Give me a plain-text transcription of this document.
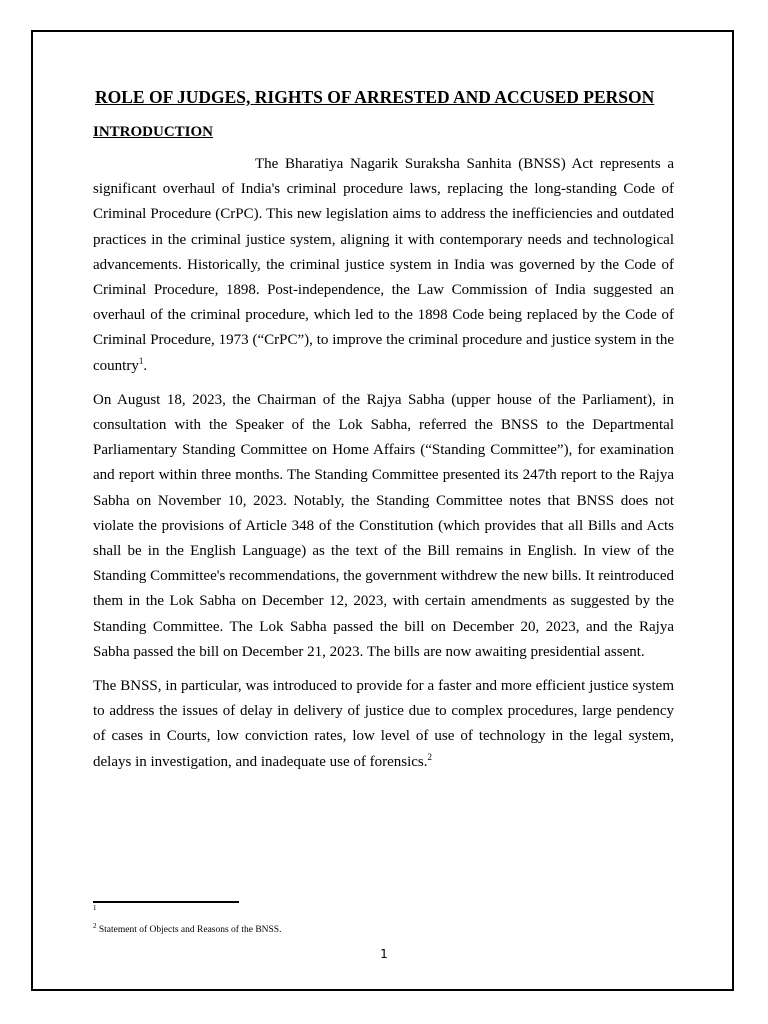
ROLE OF JUDGES, RIGHTS OF ARRESTED AND ACCUSED PERSON
INTRODUCTION

The Bharatiya Nagarik Suraksha Sanhita (BNSS) Act represents a significant overhaul of India's criminal procedure laws, replacing the long-standing Code of Criminal Procedure (CrPC). This new legislation aims to address the inefficiencies and outdated practices in the criminal justice system, aligning it with contemporary needs and technological advancements. Historically, the criminal justice system in India was governed by the Code of Criminal Procedure, 1898. Post-independence, the Law Commission of India suggested an overhaul of the criminal procedure, which led to the 1898 Code being replaced by the Code of Criminal Procedure, 1973 (“CrPC”), to improve the criminal procedure and justice system in the country$^1$.

On August 18, 2023, the Chairman of the Rajya Sabha (upper house of the Parliament), in consultation with the Speaker of the Lok Sabha, referred the BNSS to the Departmental Parliamentary Standing Committee on Home Affairs (“Standing Committee”), for examination and report within three months. The Standing Committee presented its 247th report to the Rajya Sabha on November 10, 2023. Notably, the Standing Committee notes that BNSS does not violate the provisions of Article 348 of the Constitution (which provides that all Bills and Acts shall be in the English Language) as the text of the Bill remains in English. In view of the Standing Committee's recommendations, the government withdrew the new bills. It reintroduced them in the Lok Sabha on December 12, 2023, with certain amendments as suggested by the Standing Committee. The Lok Sabha passed the bill on December 20, 2023, and the Rajya Sabha passed the bill on December 21, 2023. The bills are now awaiting presidential assent.

The BNSS, in particular, was introduced to provide for a faster and more efficient justice system to address the issues of delay in delivery of justice due to complex procedures, large pendency of cases in Courts, low conviction rates, low level of use of technology in the legal system, delays in investigation, and inadequate use of forensics.$^2$

$^1$
$^2$ Statement of Objects and Reasons of the BNSS.
1
